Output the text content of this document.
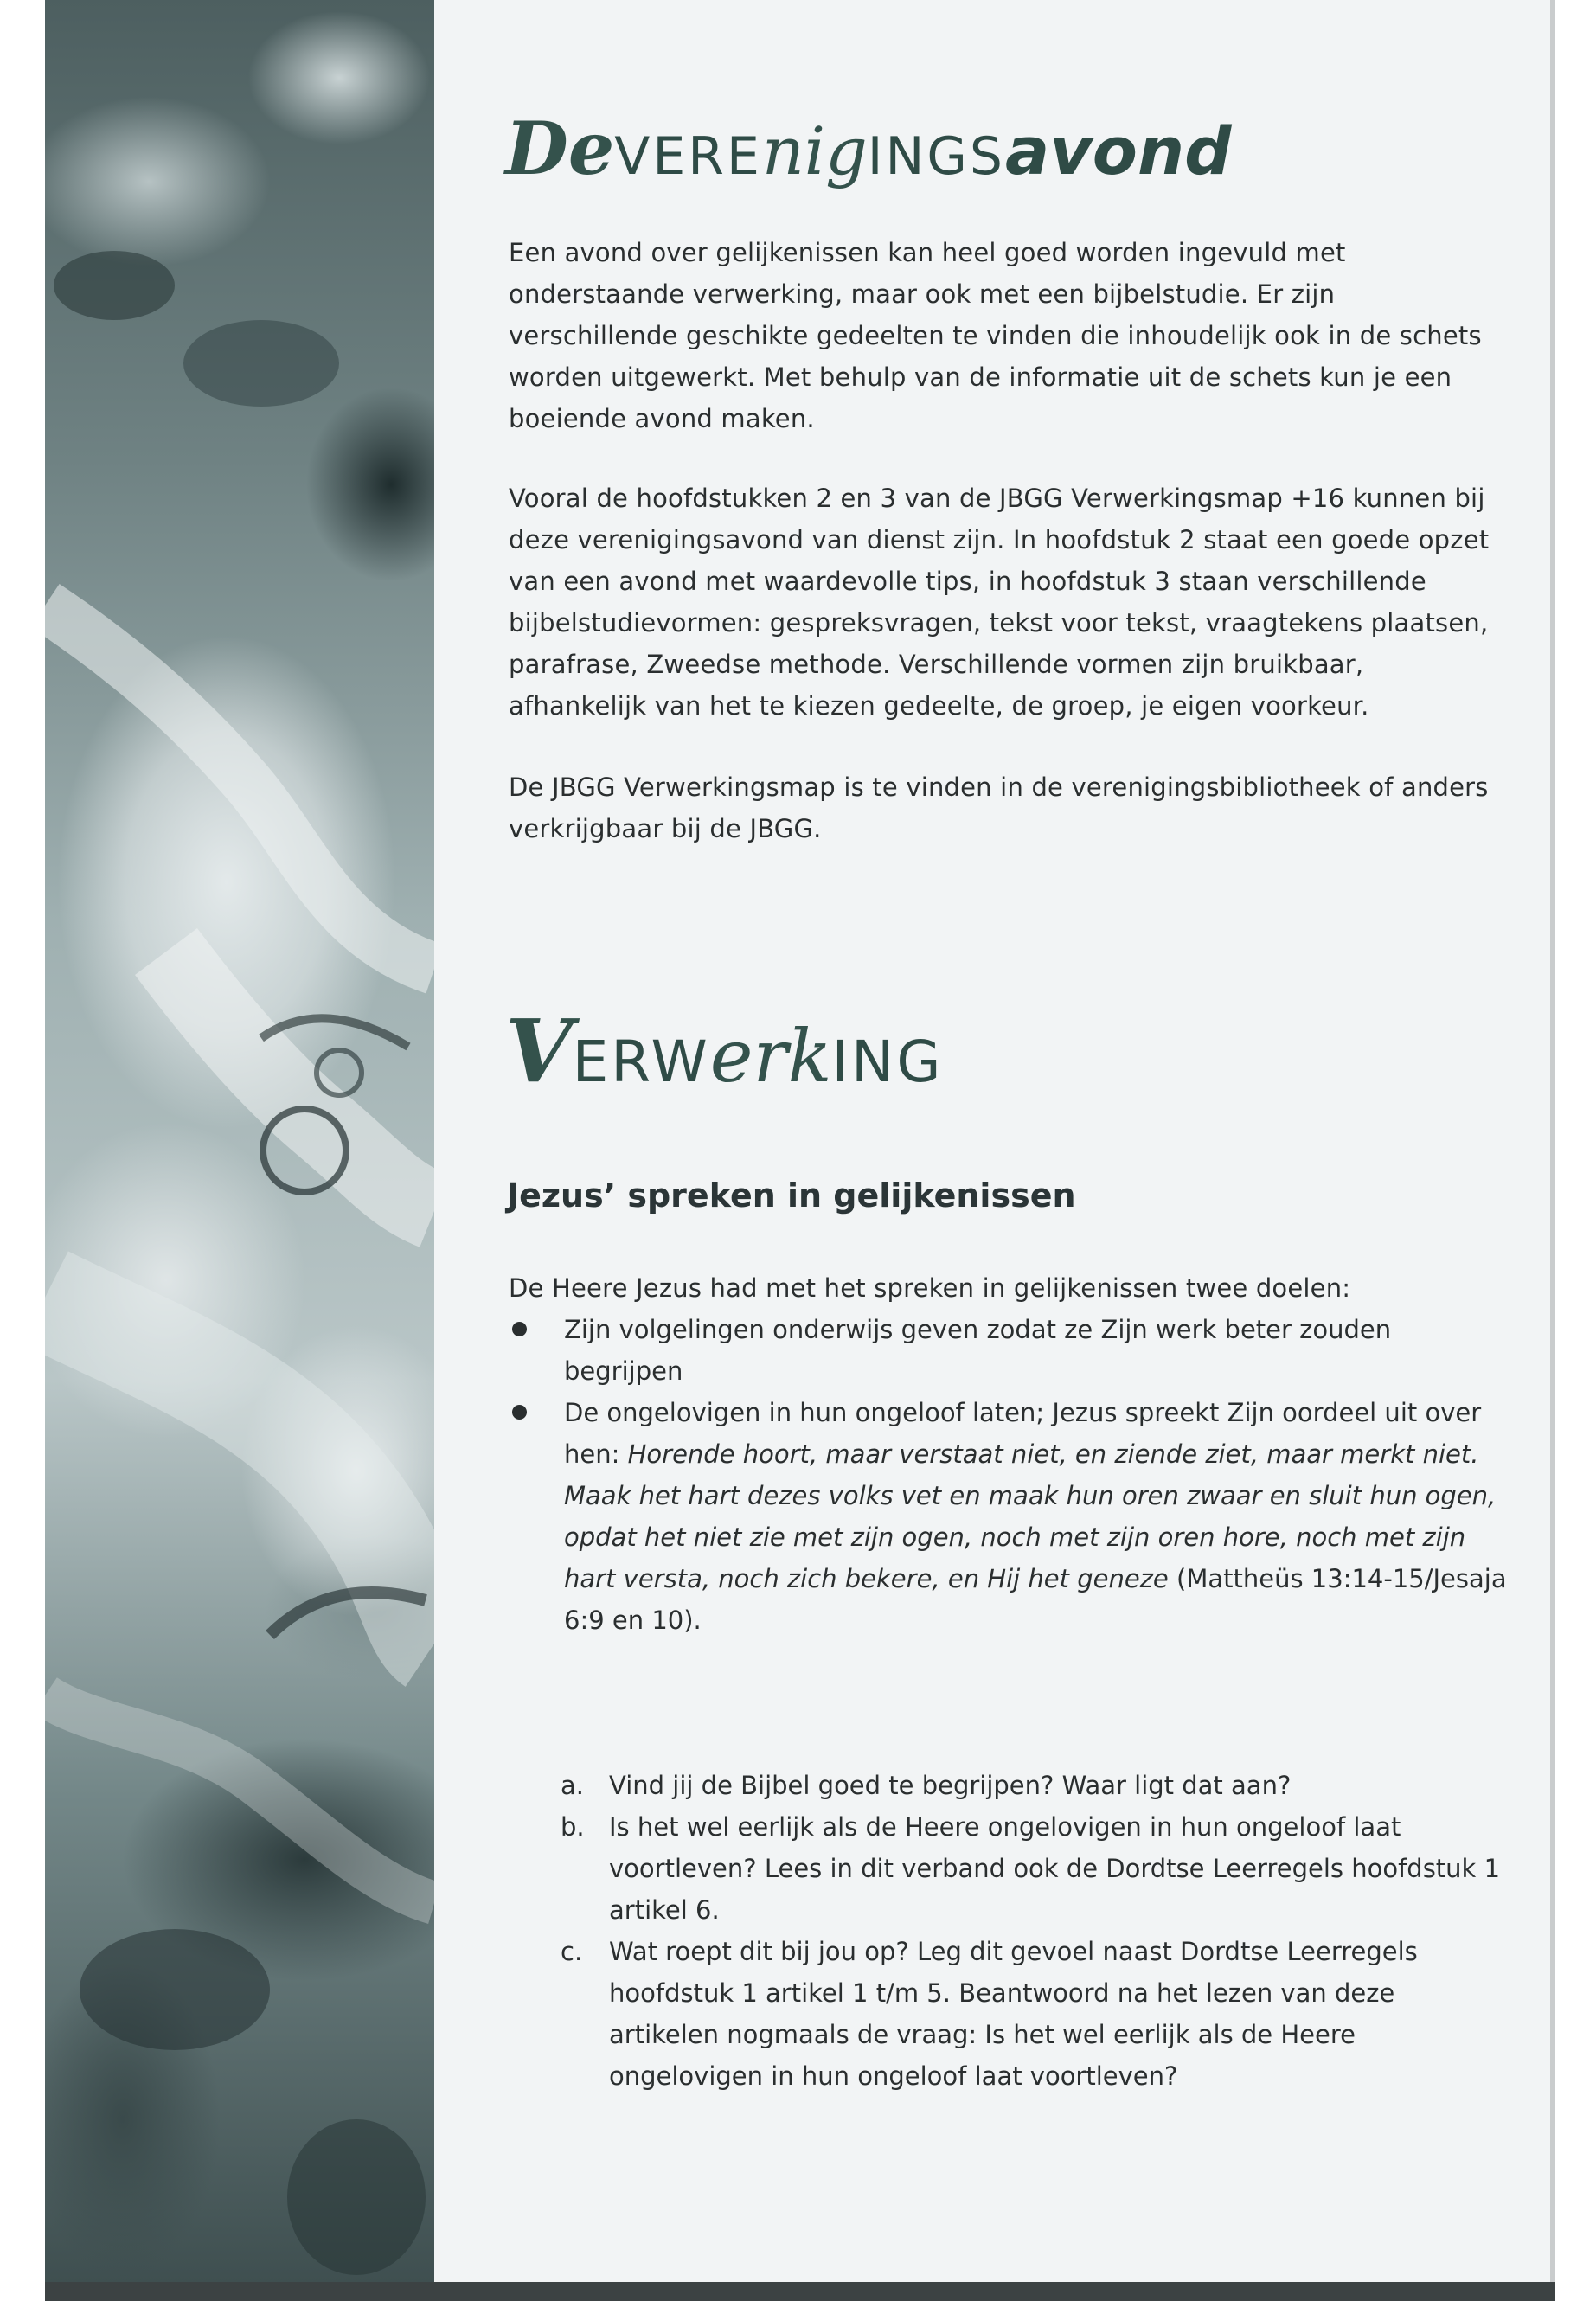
DeVEREnigINGSavond

Een avond over gelijkenissen kan heel goed worden ingevuld met onderstaande verwerking, maar ook met een bijbelstudie. Er zijn verschillende geschikte gedeelten te vinden die inhoudelijk ook in de schets worden uitgewerkt. Met behulp van de informatie uit de schets kun je een boeiende avond maken.

Vooral de hoofdstukken 2 en 3 van de JBGG Verwerkingsmap +16 kunnen bij deze verenigingsavond van dienst zijn. In hoofdstuk 2 staat een goede opzet van een avond met waardevolle tips, in hoofdstuk 3 staan verschillende bijbelstudievormen: gespreksvragen, tekst voor tekst, vraagtekens plaatsen, parafrase, Zweedse methode. Verschillende vormen zijn bruikbaar, afhankelijk van het te kiezen gedeelte, de groep, je eigen voorkeur.

De JBGG Verwerkingsmap is te vinden in de verenigingsbibliotheek of anders verkrijgbaar bij de JBGG.

VERWerkING
Jezus’ spreken in gelijkenissen

De Heere Jezus had met het spreken in gelijkenissen twee doelen:

Zijn volgelingen onderwijs geven zodat ze Zijn werk beter zouden begrijpen
De ongelovigen in hun ongeloof laten; Jezus spreekt Zijn oordeel uit over hen: Horende hoort, maar verstaat niet, en ziende ziet, maar merkt niet. Maak het hart dezes volks vet en maak hun oren zwaar en sluit hun ogen, opdat het niet zie met zijn ogen, noch met zijn oren hore, noch met zijn hart versta, noch zich bekere, en Hij het geneze (Mattheüs 13:14-15/Jesaja 6:9 en 10).
a. Vind jij de Bijbel goed te begrijpen? Waar ligt dat aan?
b. Is het wel eerlijk als de Heere ongelovigen in hun ongeloof laat voortleven? Lees in dit verband ook de Dordtse Leerregels hoofdstuk 1 artikel 6.
c. Wat roept dit bij jou op? Leg dit gevoel naast Dordtse Leerregels hoofdstuk 1 artikel 1 t/m 5. Beantwoord na het lezen van deze artikelen nogmaals de vraag: Is het wel eerlijk als de Heere ongelovigen in hun ongeloof laat voortleven?
